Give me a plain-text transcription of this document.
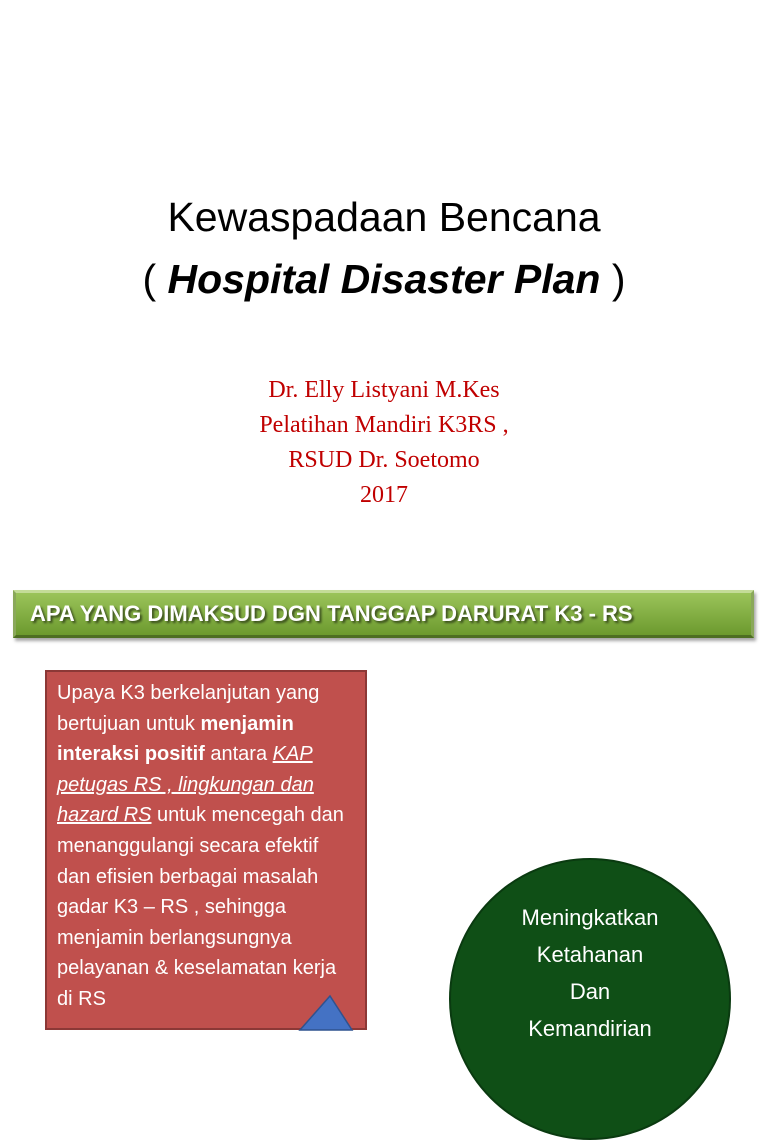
Kewaspadaan Bencana
( Hospital Disaster Plan )
Dr. Elly Listyani M.Kes
Pelatihan Mandiri K3RS ,
RSUD Dr. Soetomo
2017
APA YANG DIMAKSUD DGN TANGGAP DARURAT K3 - RS
Upaya K3 berkelanjutan yang bertujuan untuk menjamin interaksi positif antara KAP petugas RS , lingkungan dan hazard RS untuk mencegah dan menanggulangi secara efektif dan efisien berbagai masalah gadar K3 – RS , sehingga menjamin berlangsungnya pelayanan & keselamatan kerja di RS
Meningkatkan
Ketahanan
Dan
Kemandirian
